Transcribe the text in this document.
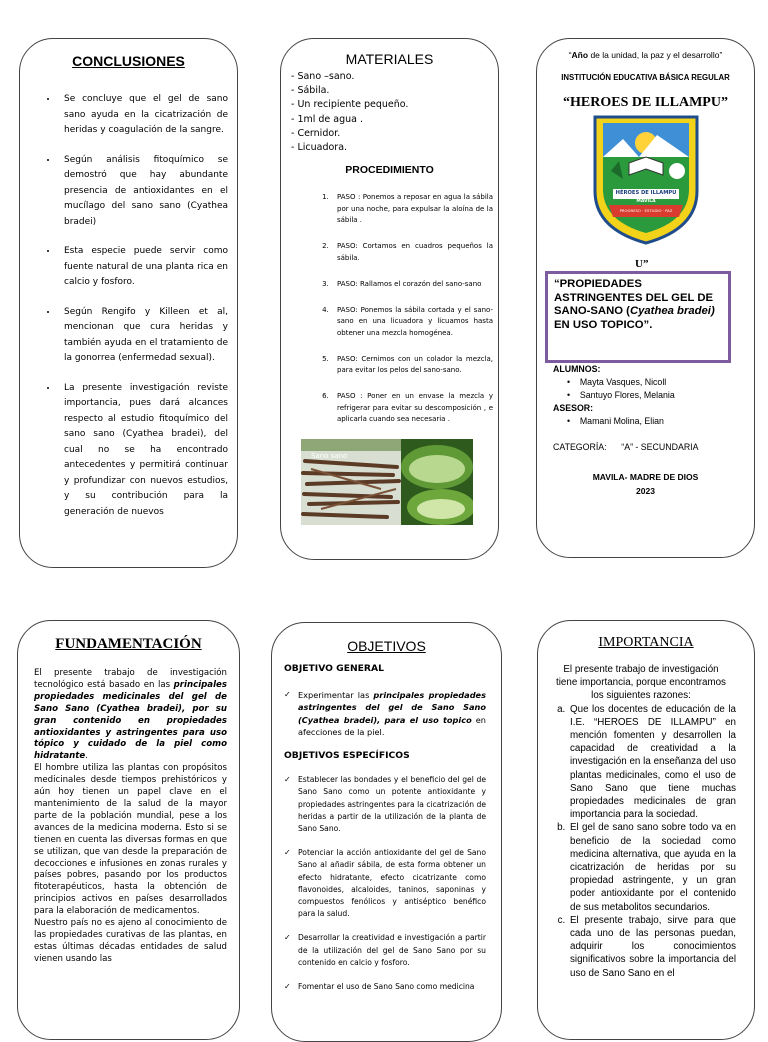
CONCLUSIONES
• Se concluye que el gel de sano sano ayuda en la cicatrización de heridas y coagulación de la sangre.
• Según análisis fitoquímico se demostró que hay abundante presencia de antioxidantes en el mucílago del sano sano (Cyathea bradei)
• Esta especie puede servir como fuente natural de una planta rica en calcio y fosforo.
• Según Rengifo y Killeen et al, mencionan que cura heridas y también ayuda en el tratamiento de la gonorrea (enfermedad sexual).
• La presente investigación reviste importancia, pues dará alcances respecto al estudio fitoquímico del sano sano (Cyathea bradei), del cual no se ha encontrado antecedentes y permitirá continuar y profundizar con nuevos estudios, y su contribución para la generación de nuevos
MATERIALES
- Sano –sano.
- Sábila.
- Un recipiente pequeño.
- 1ml de agua .
- Cernidor.
- Licuadora.
PROCEDIMIENTO
1. PASO : Ponemos a reposar en agua la sábila por una noche, para expulsar la aloína de la sábila .
2. PASO: Cortamos en cuadros pequeños la sábila.
3. PASO: Rallamos el corazón del sano-sano
4. PASO: Ponemos la sábila cortada y el sano-sano en una licuadora y licuamos hasta obtener una mezcla homogénea.
5. PASO: Cernimos con un colador la mezcla, para evitar los pelos del sano-sano.
6. PASO : Poner en un envase la mezcla y refrigerar para evitar su descomposición , e aplicarla cuando sea necesaria .
Sano sano
“Año de la unidad, la paz y el desarrollo”
INSTITUCIÓN EDUCATIVA BÁSICA REGULAR
“HEROES DE ILLAMPU”
HÉROES DE ILLAMPU
MAVILA
PROGRESO · ESTUDIO · PAZ
U”
“PROPIEDADES ASTRINGENTES DEL GEL DE SANO-SANO (Cyathea bradei) EN USO TOPICO”.
ALUMNOS:
•    Mayta Vasques, Nicoll
•    Santuyo Flores, Melania
ASESOR:
•    Mamani Molina, Elian
CATEGORÍA:      “A” - SECUNDARIA
MAVILA- MADRE DE DIOS
2023
FUNDAMENTACIÓN
El presente trabajo de investigación tecnológico está basado en las principales propiedades medicinales del gel de Sano Sano (Cyathea bradei), por su gran contenido en propiedades antioxidantes y astringentes para uso tópico y cuidado de la piel como hidratante.
El hombre utiliza las plantas con propósitos medicinales desde tiempos prehistóricos y aún hoy tienen un papel clave en el mantenimiento de la salud de la mayor parte de la población mundial, pese a los avances de la medicina moderna. Esto si se tienen en cuenta las diversas formas en que se utilizan, que van desde la preparación de decocciones e infusiones en zonas rurales y países pobres, pasando por los productos fitoterapéuticos, hasta la obtención de principios activos en países desarrollados para la elaboración de medicamentos.
Nuestro país no es ajeno al conocimiento de las propiedades curativas de las plantas, en estas últimas décadas entidades de salud vienen usando las
OBJETIVOS
OBJETIVO GENERAL
✓ Experimentar las principales propiedades astringentes del gel de Sano Sano (Cyathea bradei), para el uso topico en afecciones de la piel.
OBJETIVOS ESPECÍFICOS
✓ Establecer las bondades y el beneficio del gel de Sano Sano como un potente antioxidante y propiedades astringentes para la cicatrización de heridas a partir de la utilización de la planta de Sano Sano.
✓ Potenciar la acción antioxidante del gel de Sano Sano al añadir sábila, de esta forma obtener un efecto hidratante, efecto cicatrizante como flavonoides, alcaloides, taninos, saponinas y compuestos fenólicos y antiséptico benéfico para la salud.
✓ Desarrollar la creatividad e investigación a partir de la utilización del gel de Sano Sano por su contenido en calcio y fosforo.
✓ Fomentar el uso de Sano Sano como medicina
IMPORTANCIA
El presente trabajo de investigación tiene importancia, porque encontramos los siguientes razones:
a. Que los docentes de educación de la I.E. “HEROES DE ILLAMPU” en mención fomenten y desarrollen la capacidad de creatividad a la investigación en la enseñanza del uso plantas medicinales, como el uso de Sano Sano que tiene muchas propiedades medicinales de gran importancia para la sociedad.
b. El gel de sano sano sobre todo va en beneficio de la sociedad como medicina alternativa, que ayuda en la cicatrización de heridas por su propiedad astringente, y un gran poder antioxidante por el contenido de sus metabolitos secundarios.
c. El presente trabajo, sirve para que cada uno de las personas puedan, adquirir los conocimientos significativos sobre la importancia del uso de Sano Sano en el
